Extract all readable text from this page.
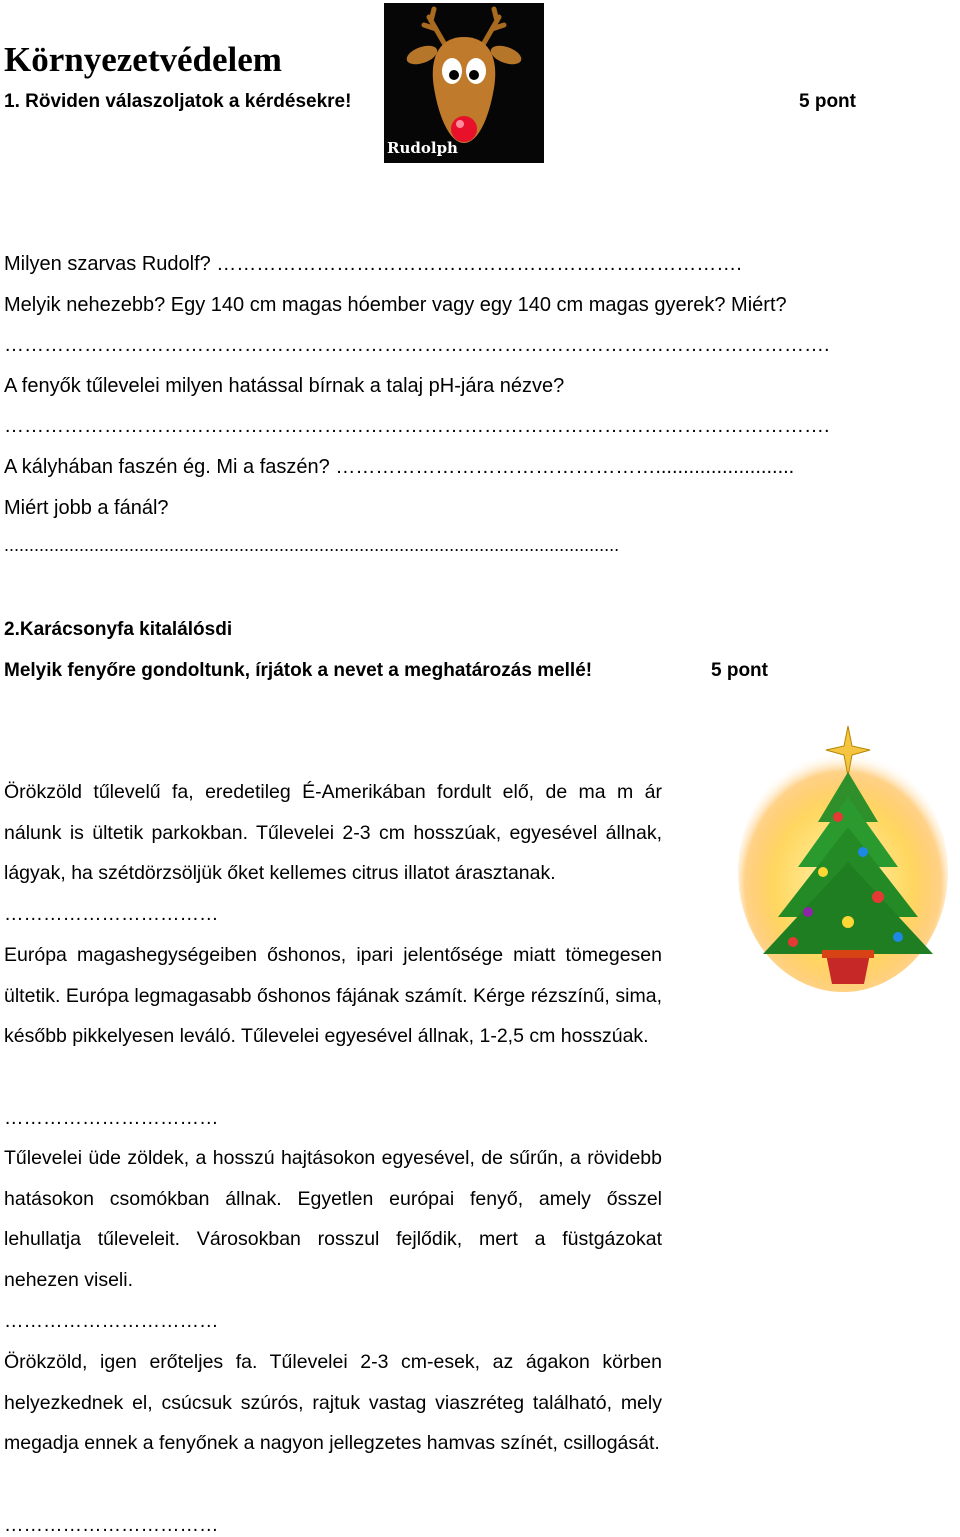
Környezetvédelem
1. Röviden válaszoljatok a kérdésekre!	5 pont
Rudolph
Milyen szarvas Rudolf? …………………………………………………………………….
Melyik nehezebb? Egy 140 cm magas hóember vagy egy 140 cm magas gyerek? Miért?
…………………………………………………………………………………………………………….
A fenyők tűlevelei milyen hatással bírnak a talaj pH-jára nézve?
…………………………………………………………………………………………………………….
A kályhában faszén ég. Mi a faszén? ………………………………………….........................
Miért jobb a fánál?
...........................................................................................................................
2.Karácsonyfa kitalálósdi
Melyik fenyőre gondoltunk, írjátok a nevet a meghatározás mellé!	5 pont
Örökzöld tűlevelű fa, eredetileg É-Amerikában fordult elő, de ma m ár nálunk is ültetik parkokban. Tűlevelei 2-3 cm hosszúak, egyesével állnak, lágyak, ha szétdörzsöljük őket kellemes citrus illatot árasztanak.
……………………………
Európa magashegységeiben őshonos, ipari jelentősége miatt tömegesen ültetik. Európa legmagasabb őshonos fájának számít. Kérge rézszínű, sima, később pikkelyesen leváló. Tűlevelei egyesével állnak, 1-2,5 cm hosszúak.
……………………………
Tűlevelei üde zöldek, a hosszú hajtásokon egyesével, de sűrűn, a rövidebb hatásokon csomókban állnak. Egyetlen európai fenyő, amely ősszel lehullatja tűleveleit. Városokban rosszul fejlődik, mert a füstgázokat nehezen viseli.
……………………………
Örökzöld, igen erőteljes fa. Tűlevelei 2-3 cm-esek, az ágakon körben helyezkednek el, csúcsuk szúrós, rajtuk vastag viaszréteg található, mely megadja ennek a fenyőnek a nagyon jellegzetes hamvas színét, csillogását.
……………………………
